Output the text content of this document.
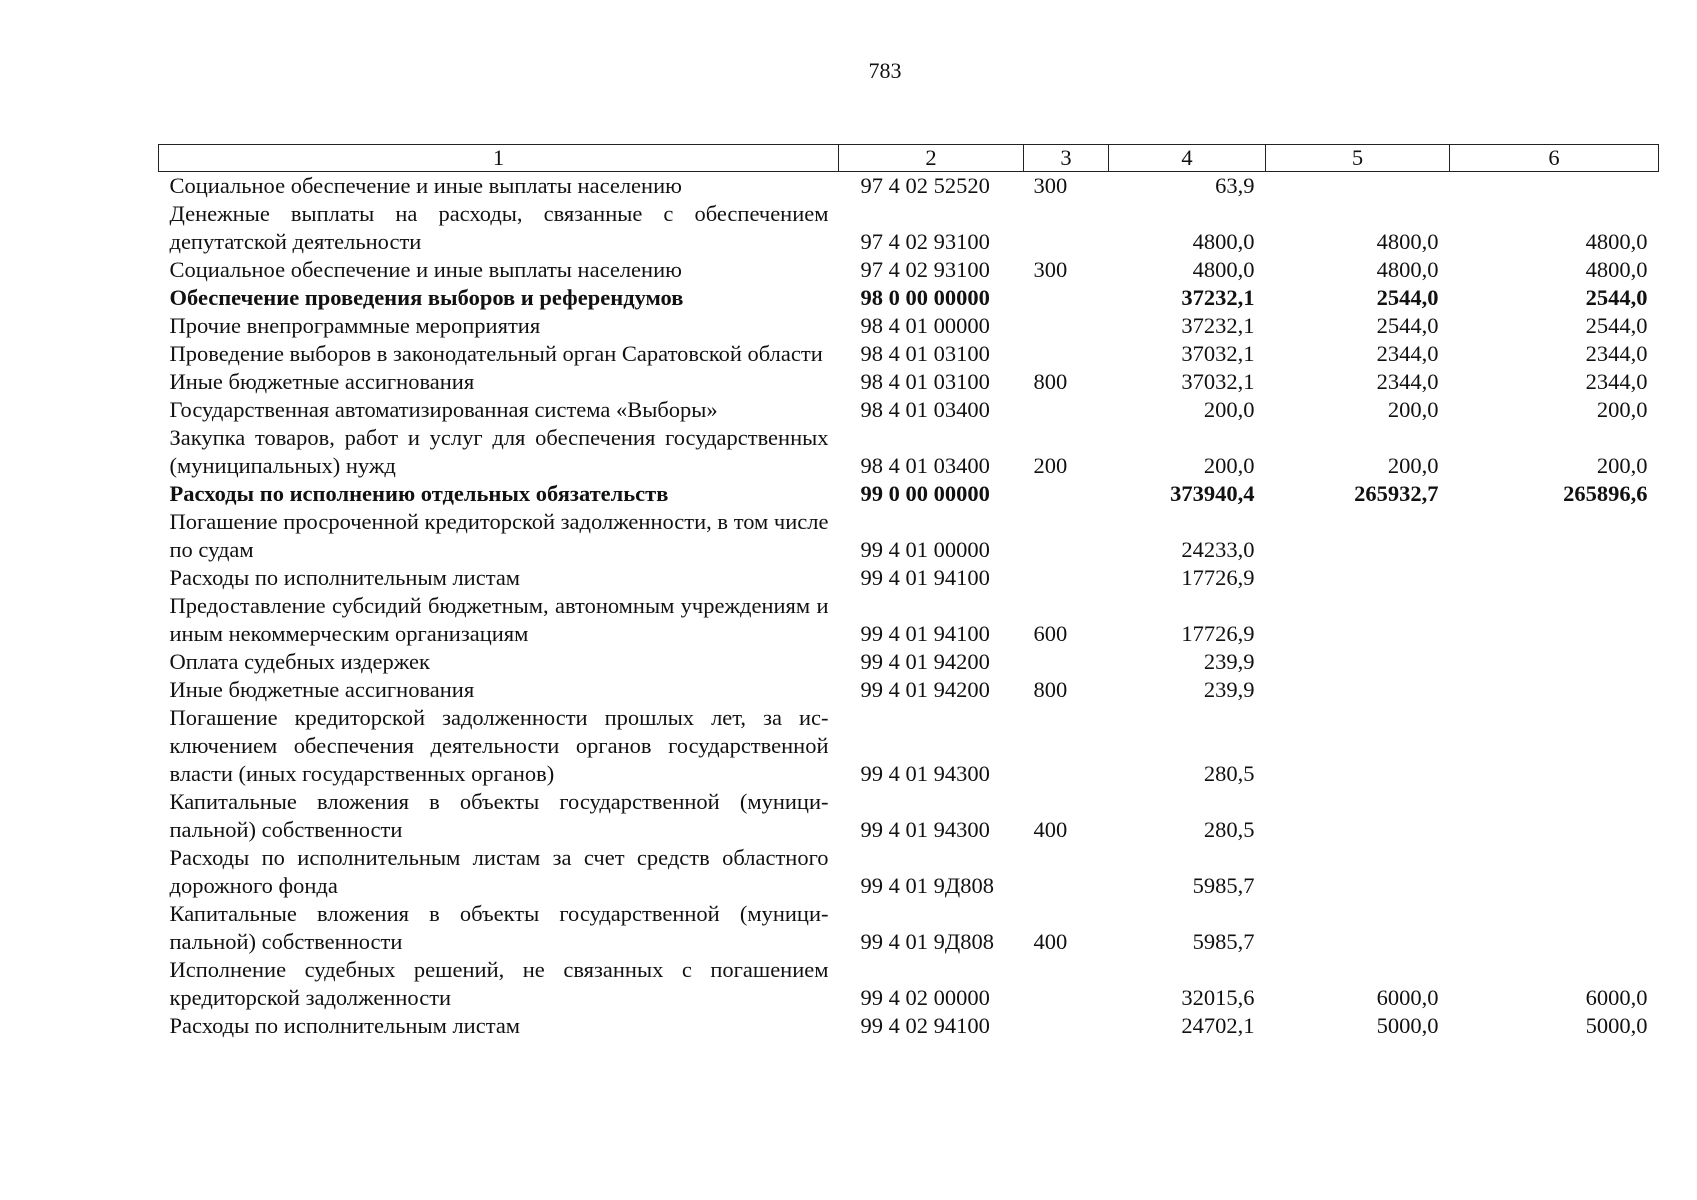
783
1	2	3	4	5	6
Социальное обеспечение и иные выплаты населению	97 4 02 52520	300	63,9		
Денежные выплаты на расходы, связанные с обеспечением депутатской деятельности	97 4 02 93100		4800,0	4800,0	4800,0
Социальное обеспечение и иные выплаты населению	97 4 02 93100	300	4800,0	4800,0	4800,0
Обеспечение проведения выборов и референдумов	98 0 00 00000		37232,1	2544,0	2544,0
Прочие внепрограммные мероприятия	98 4 01 00000		37232,1	2544,0	2544,0
Проведение выборов в законодательный орган Саратовской области	98 4 01 03100		37032,1	2344,0	2344,0
Иные бюджетные ассигнования	98 4 01 03100	800	37032,1	2344,0	2344,0
Государственная автоматизированная система «Выборы»	98 4 01 03400		200,0	200,0	200,0
Закупка товаров, работ и услуг для обеспечения государственных (муниципальных) нужд	98 4 01 03400	200	200,0	200,0	200,0
Расходы по исполнению отдельных обязательств	99 0 00 00000		373940,4	265932,7	265896,6
Погашение просроченной кредиторской задолженности, в том числе по судам	99 4 01 00000		24233,0		
Расходы по исполнительным листам	99 4 01 94100		17726,9		
Предоставление субсидий бюджетным, автономным учреждениям и иным некоммерческим организациям	99 4 01 94100	600	17726,9		
Оплата судебных издержек	99 4 01 94200		239,9		
Иные бюджетные ассигнования	99 4 01 94200	800	239,9		
Погашение кредиторской задолженности прошлых лет, за исключением обеспечения деятельности органов государственной власти (иных государственных органов)	99 4 01 94300		280,5		
Капитальные вложения в объекты государственной (муниципальной) собственности	99 4 01 94300	400	280,5		
Расходы по исполнительным листам за счет средств областного дорожного фонда	99 4 01 9Д808		5985,7		
Капитальные вложения в объекты государственной (муниципальной) собственности	99 4 01 9Д808	400	5985,7		
Исполнение судебных решений, не связанных с погашением кредиторской задолженности	99 4 02 00000		32015,6	6000,0	6000,0
Расходы по исполнительным листам	99 4 02 94100		24702,1	5000,0	5000,0
